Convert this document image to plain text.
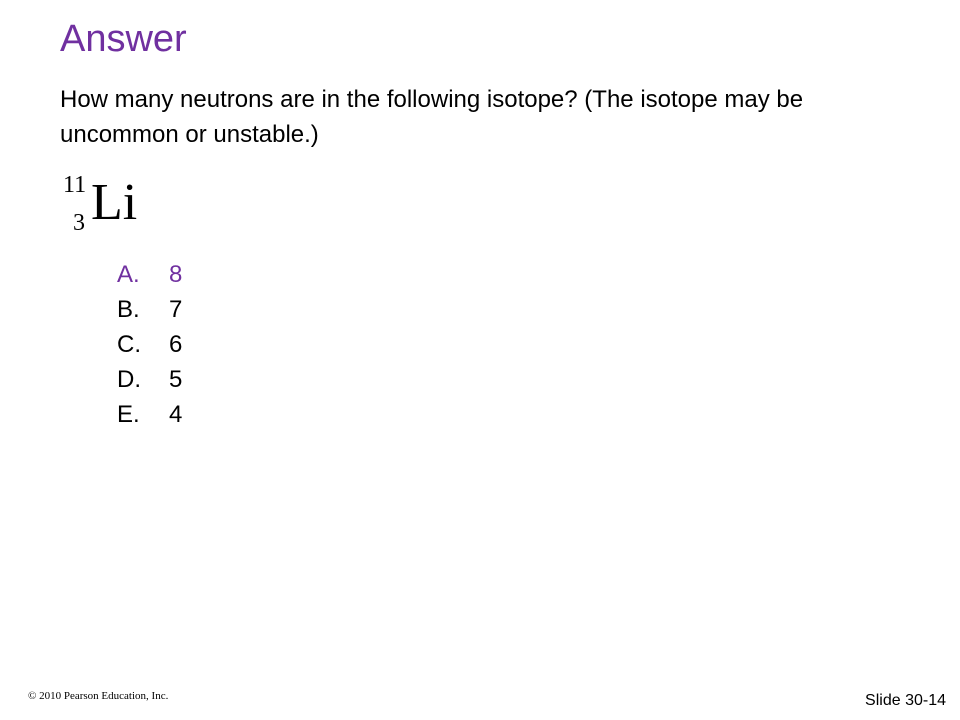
Answer
How many neutrons are in the following isotope? (The isotope may be uncommon or unstable.)
11
3 Li
A. 8
B. 7
C. 6
D. 5
E. 4
© 2010 Pearson Education, Inc.	Slide 30-14
